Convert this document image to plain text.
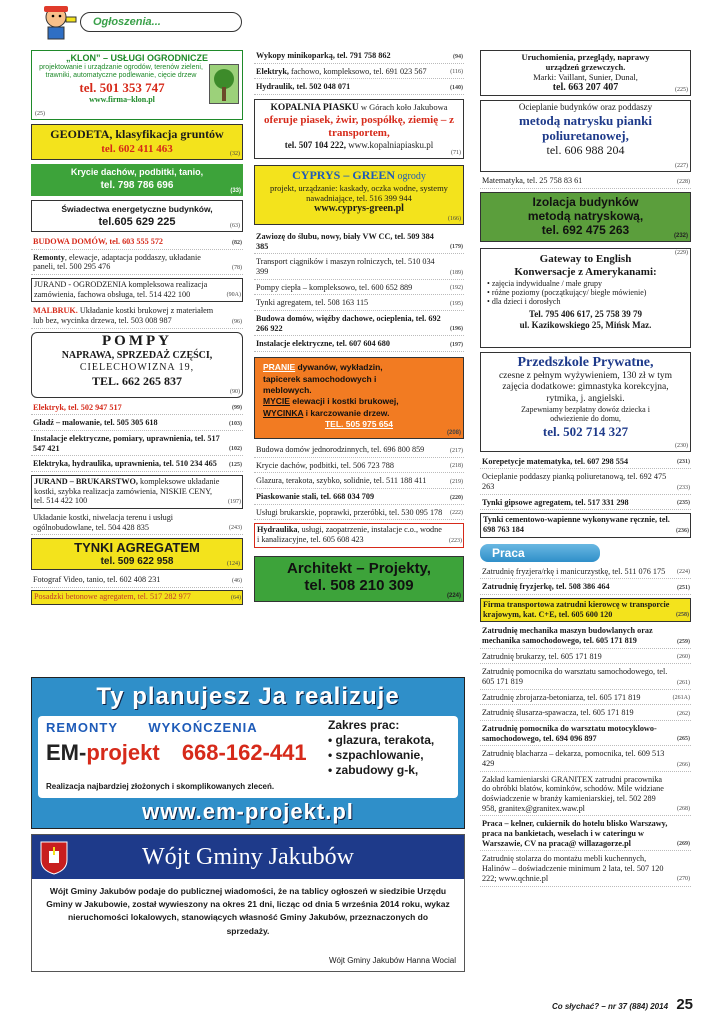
Ogłoszenia...
„KLON” – USŁUGI OGRODNICZE
projektowanie i urządzanie ogrodów, terenów zieleni, trawniki, automatyczne podlewanie, cięcie drzew
tel. 501 353 747
www.firma–klon.pl
(25)
GEODETA, klasyfikacja gruntów
tel. 602 411 463	(32)
Krycie dachów, podbitki, tanio,
tel. 798 786 696
(33)
Świadectwa energetyczne budynków,
tel.605 629 225	(63)
BUDOWA DOMÓW, tel. 603 555 572	(82)
Remonty, elewacje, adaptacja poddaszy, układanie paneli, tel. 500 295 476	(78)
JURAND - OGRODZENIA kompleksowa realizacja zamówienia, fachowa obsługa, tel. 514 422 100	(90A)
MALBRUK. Układanie kostki brukowej z materiałem lub bez, wycinka drzewa, tel. 503 008 987	(96)
POMPY
NAPRAWA, SPRZEDAŻ CZĘŚCI,
CIELECHOWIZNA 19,
TEL. 662 265 837
(90)
Elektryk, tel. 502 947 517	(99)
Gładź – malowanie, tel. 505 305 618	(103)
Instalacje elektryczne, pomiary, uprawnienia, tel. 517 547 421	(102)
Elektryka, hydraulika, uprawnienia, tel. 510 234 465 (125)
JURAND – BRUKARSTWO, kompleksowe układanie kostki, szybka realizacja zamówienia, NISKIE CENY, tel. 514 422 100	(197)
Układanie kostki, niwelacja terenu i usługi ogólnobudowlane, tel. 504 428 835	(243)
TYNKI AGREGATEM
tel. 509 622 958	(124)
Fotograf Video, tanio, tel. 602 408 231	(46)
Posadzki betonowe agregatem, tel. 517 282 977	(64)
Wykopy minikoparką, tel. 791 758 862	(94)
Elektryk, fachowo, kompleksowo, tel. 691 023 567	(116)
Hydraulik, tel. 502 048 071	(140)
KOPALNIA PIASKU w Górach koło Jakubowa
oferuje piasek, żwir, pospółkę, ziemię – z transportem,
tel. 507 104 222, www.kopalniapiasku.pl
(71)
CYPRYS – GREEN ogrody
projekt, urządzanie: kaskady, oczka wodne, systemy nawadniające, tel. 516 399 944
www.cyprys-green.pl
(166)
Zawiozę do ślubu, nowy, biały VW CC, tel. 509 384 385	(179)
Transport ciągników i maszyn rolniczych, tel. 510 034 399	(189)
Pompy ciepła – kompleksowo, tel. 600 652 889	(192)
Tynki agregatem, tel. 508 163 115	(195)
Budowa domów, więźby dachowe, ocieplenia, tel. 692 266 922	(196)
Instalacje elektryczne, tel. 607 604 680	(197)
PRANIE dywanów, wykładzin,
tapicerek samochodowych i
meblowych.
MYCIE elewacji i kostki brukowej,
WYCINKA i karczowanie drzew.
TEL. 505 975 654
(208)
Budowa domów jednorodzinnych, tel. 696 800 859	(217)
Krycie dachów, podbitki, tel. 506 723 788	(218)
Glazura, terakota, szybko, solidnie, tel. 511 188 411	(219)
Piaskowanie stali, tel. 668 034 709	(220)
Usługi brukarskie, poprawki, przeróbki, tel. 530 095 178 (222)
Hydraulika, usługi, zaopatrzenie, instalacje c.o., wodne i kanalizacyjne, tel. 605 608 423	(223)
Architekt – Projekty,
tel. 508 210 309
(224)
Uruchomienia, przeglądy, naprawy
urządzeń grzewczych.
Marki: Vaillant, Sunier, Dunal,
tel. 663 207 407	(225)
Ocieplanie budynków oraz poddaszy
metodą natrysku pianki
poliuretanowej,
tel. 606 988 204
(227)
Matematyka, tel. 25 758 83 61	(228)
Izolacja budynków
metodą natryskową,
tel. 692 475 263	(232)
(229)
Gateway to English
Konwersacje z Amerykanami:
• zajęcia indywidualne / małe grupy
• różne poziomy (początkujący/ biegłe mówienie)
• dla dzieci i dorosłych
Tel. 795 406 617, 25 758 39 79
ul. Kazikowskiego 25, Mińsk Maz.
Przedszkole Prywatne,
czesne z pełnym wyżywieniem, 130 zł w tym zajęcia dodatkowe: gimnastyka korekcyjna, rytmika, j. angielski.
Zapewniamy bezpłatny dowóz dziecka i odwiezienie do domu,
tel. 502 714 327
(230)
Korepetycje matematyka, tel. 607 298 554	(231)
Ocieplanie poddaszy pianką poliuretanową, tel. 692 475 263	(233)
Tynki gipsowe agregatem, tel. 517 331 298	(235)
Tynki cementowo-wapienne wykonywane ręcznie, tel. 698 763 184	(236)
Praca
Zatrudnię fryzjera/rkę i manicurzystkę, tel. 511 076 175 (224)
Zatrudnię fryzjerkę, tel. 508 386 464	(251)
Firma transportowa zatrudni kierowcę w transporcie krajowym, kat. C+E, tel. 605 600 120	(258)
Zatrudnię mechanika maszyn budowlanych oraz mechanika samochodowego, tel. 605 171 819	(259)
Zatrudnię brukarzy, tel. 605 171 819	(260)
Zatrudnię pomocnika do warsztatu samochodowego, tel. 605 171 819	(261)
Zatrudnię zbrojarza-betoniarza, tel. 605 171 819	(261A)
Zatrudnię ślusarza-spawacza, tel. 605 171 819	(262)
Zatrudnię pomocnika do warsztatu motocyklowo-samochodowego, tel. 694 096 897	(265)
Zatrudnię blacharza – dekarza, pomocnika, tel. 609 513 429	(266)
Zakład kamieniarski GRANITEX zatrudni pracownika do obróbki blatów, kominków, schodów. Mile widziane doświadczenie w branży kamieniarskiej, tel. 502 289 958, granitex@granitex.waw.pl	(268)
Praca – kelner, cukiernik do hotelu blisko Warszawy, praca na bankietach, weselach i w cateringu w Warszawie, CV na praca@ willazagorze.pl	(269)
Zatrudnię stolarza do montażu mebli kuchennych, Halinów – doświadczenie minimum 2 lata, tel. 507 120 222; www.qchnie.pl	(270)
Ty planujesz Ja realizuje
REMONTY WYKOŃCZENIA
EM-projekt 668-162-441
Realizacja najbardziej złożonych i skomplikowanych zleceń.
Zakres prac:
• glazura, terakota,
• szpachlowanie,
• zabudowy g-k,
www.em-projekt.pl
Wójt Gminy Jakubów
Wójt Gminy Jakubów podaje do publicznej wiadomości, że na tablicy ogłoszeń w siedzibie Urzędu Gminy w Jakubowie, został wywieszony na okres 21 dni, licząc od dnia 5 września 2014 roku, wykaz nieruchomości lokalowych, stanowiących własność Gminy Jakubów, przeznaczonych do sprzedaży.
Wójt Gminy Jakubów Hanna Wocial
Co słychać? – nr 37 (884) 2014 25
